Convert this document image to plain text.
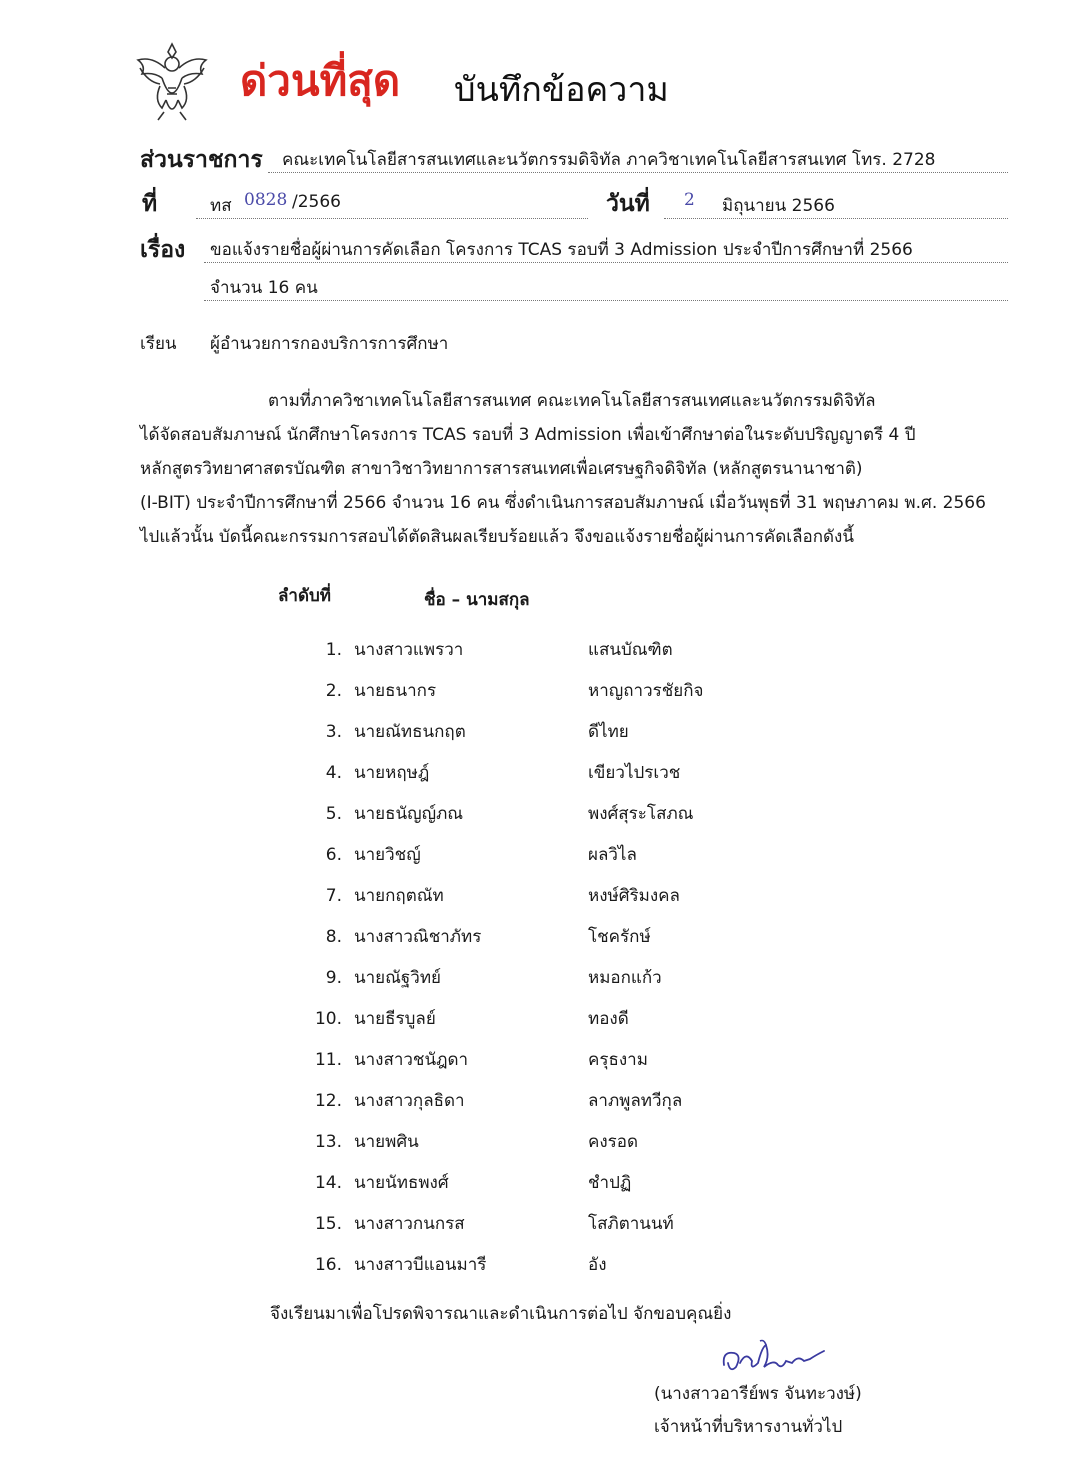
ด่วนที่สุด บันทึกข้อความ
ส่วนราชการ คณะเทคโนโลยีสารสนเทศและนวัตกรรมดิจิทัล ภาควิชาเทคโนโลยีสารสนเทศ โทร. 2728
ที่	ทส 0828 /2566	วันที่ 2 มิถุนายน 2566
เรื่อง ขอแจ้งรายชื่อผู้ผ่านการคัดเลือก โครงการ TCAS รอบที่ 3 Admission ประจำปีการศึกษาที่ 2566
จำนวน 16 คน
เรียน ผู้อำนวยการกองบริการการศึกษา

ตามที่ภาควิชาเทคโนโลยีสารสนเทศ คณะเทคโนโลยีสารสนเทศและนวัตกรรมดิจิทัล

ได้จัดสอบสัมภาษณ์ นักศึกษาโครงการ TCAS รอบที่ 3 Admission เพื่อเข้าศึกษาต่อในระดับปริญญาตรี 4 ปี

หลักสูตรวิทยาศาสตรบัณฑิต สาขาวิชาวิทยาการสารสนเทศเพื่อเศรษฐกิจดิจิทัล (หลักสูตรนานาชาติ)

(I-BIT) ประจำปีการศึกษาที่ 2566 จำนวน 16 คน ซึ่งดำเนินการสอบสัมภาษณ์ เมื่อวันพุธที่ 31 พฤษภาคม พ.ศ. 2566

ไปแล้วนั้น บัดนี้คณะกรรมการสอบได้ตัดสินผลเรียบร้อยแล้ว จึงขอแจ้งรายชื่อผู้ผ่านการคัดเลือกดังนี้

ลำดับที่	ชื่อ – นามสกุล
1. นางสาวแพรวา	แสนบัณฑิต
2. นายธนากร	หาญถาวรชัยกิจ
3. นายณัทธนกฤต	ดีไทย
4. นายหฤษฎ์	เขียวไปรเวช
5. นายธนัญญ์ภณ	พงศ์สุระโสภณ
6. นายวิชญ์	ผลวิไล
7. นายกฤตณัท	หงษ์ศิริมงคล
8. นางสาวณิชาภัทร	โชครักษ์
9. นายณัฐวิทย์	หมอกแก้ว
10. นายธีรบูลย์	ทองดี
11. นางสาวชนัฎดา	ครุธงาม
12. นางสาวกุลธิดา	ลาภพูลทวีกุล
13. นายพศิน	คงรอด
14. นายนัทธพงศ์	ชำปฏิ
15. นางสาวกนกรส	โสภิตานนท์
16. นางสาวบีแอนมารี	อัง
จึงเรียนมาเพื่อโปรดพิจารณาและดำเนินการต่อไป จักขอบคุณยิ่ง
(นางสาวอารีย์พร จันทะวงษ์)
เจ้าหน้าที่บริหารงานทั่วไป
